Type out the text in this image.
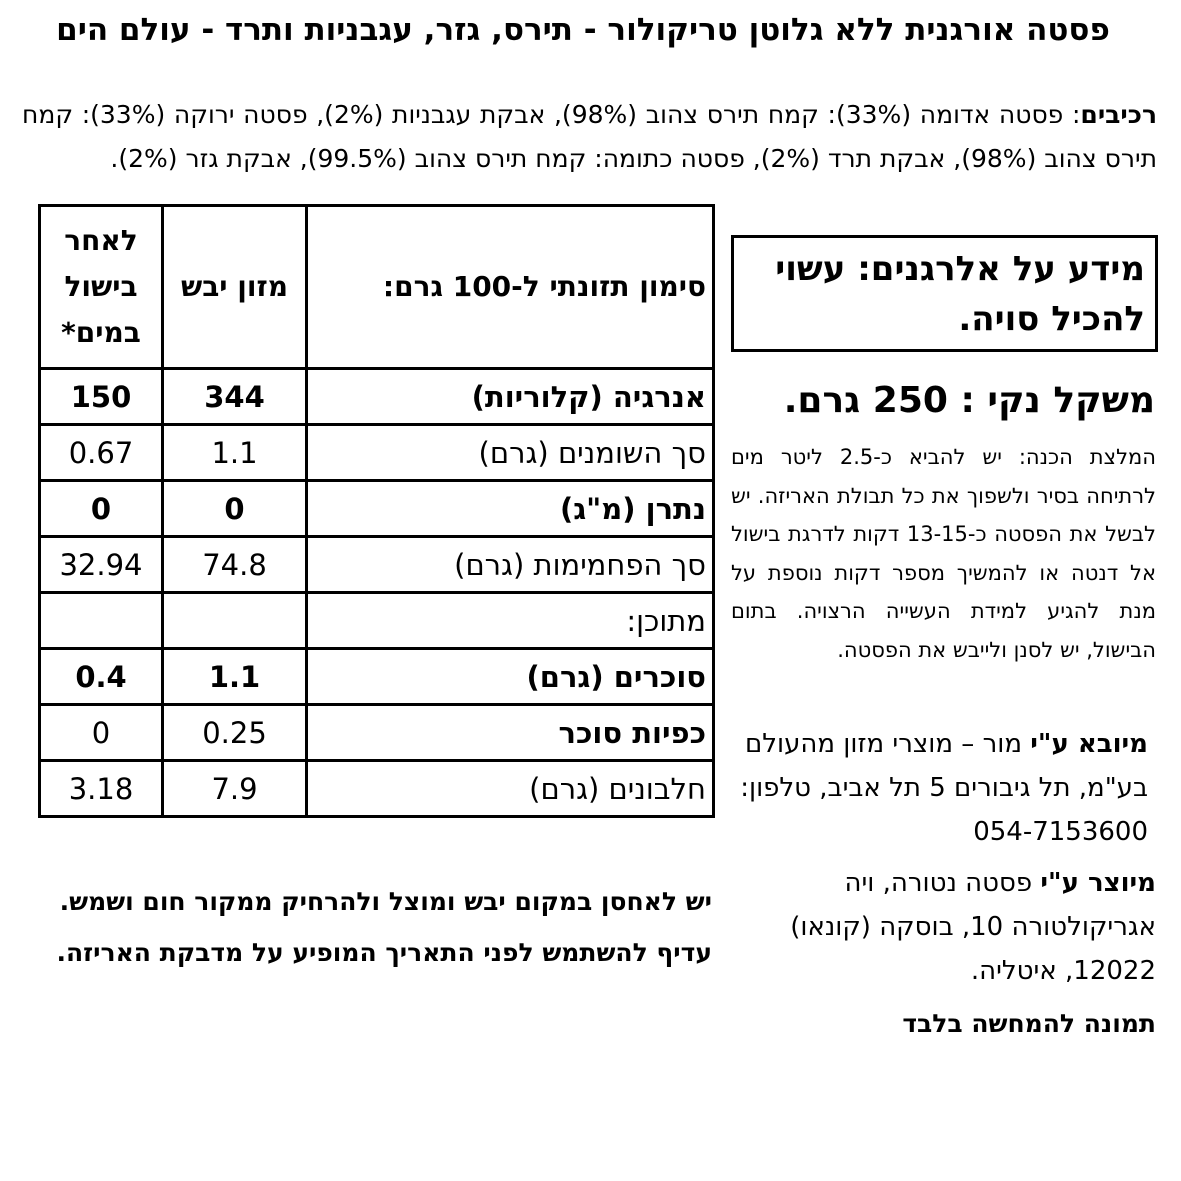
פסטה אורגנית ללא גלוטן טריקולור - תירס, גזר, עגבניות ותרד - עולם הים
רכיבים: פסטה אדומה (33%): קמח תירס צהוב (98%), אבקת עגבניות (2%), פסטה ירוקה (33%): קמח תירס צהוב (98%), אבקת תרד (2%), פסטה כתומה: קמח תירס צהוב (99.5%), אבקת גזר (2%).
מידע על אלרגנים: עשוי להכיל סויה.
משקל נקי : 250 גרם.
המלצת הכנה: יש להביא כ-2.5 ליטר מים לרתיחה בסיר ולשפוך את כל תבולת האריזה. יש לבשל את הפסטה כ-13-15 דקות לדרגת בישול אל דנטה או להמשיך מספר דקות נוספת על מנת להגיע למידת העשייה הרצויה. בתום הבישול, יש לסנן ולייבש את הפסטה.
מיובא ע"י מור – מוצרי מזון מהעולם בע"מ, תל גיבורים 5 תל אביב, טלפון: 054-7153600
מיוצר ע"י פסטה נטורה, ויה אגריקולטורה 10, בוסקה (קונאו) 12022, איטליה.
תמונה להמחשה בלבד
סימון תזונתי ל-100 גרם:	מזון יבש	לאחר בישול במים*
אנרגיה (קלוריות)	344	150
סך השומנים (גרם)	1.1	0.67
נתרן (מ"ג)	0	0
סך הפחמימות (גרם)	74.8	32.94
מתוכן:		
סוכרים (גרם)	1.1	0.4
כפיות סוכר	0.25	0
חלבונים (גרם)	7.9	3.18

יש לאחסן במקום יבש ומוצל ולהרחיק ממקור חום ושמש.

עדיף להשתמש לפני התאריך המופיע על מדבקת האריזה.
